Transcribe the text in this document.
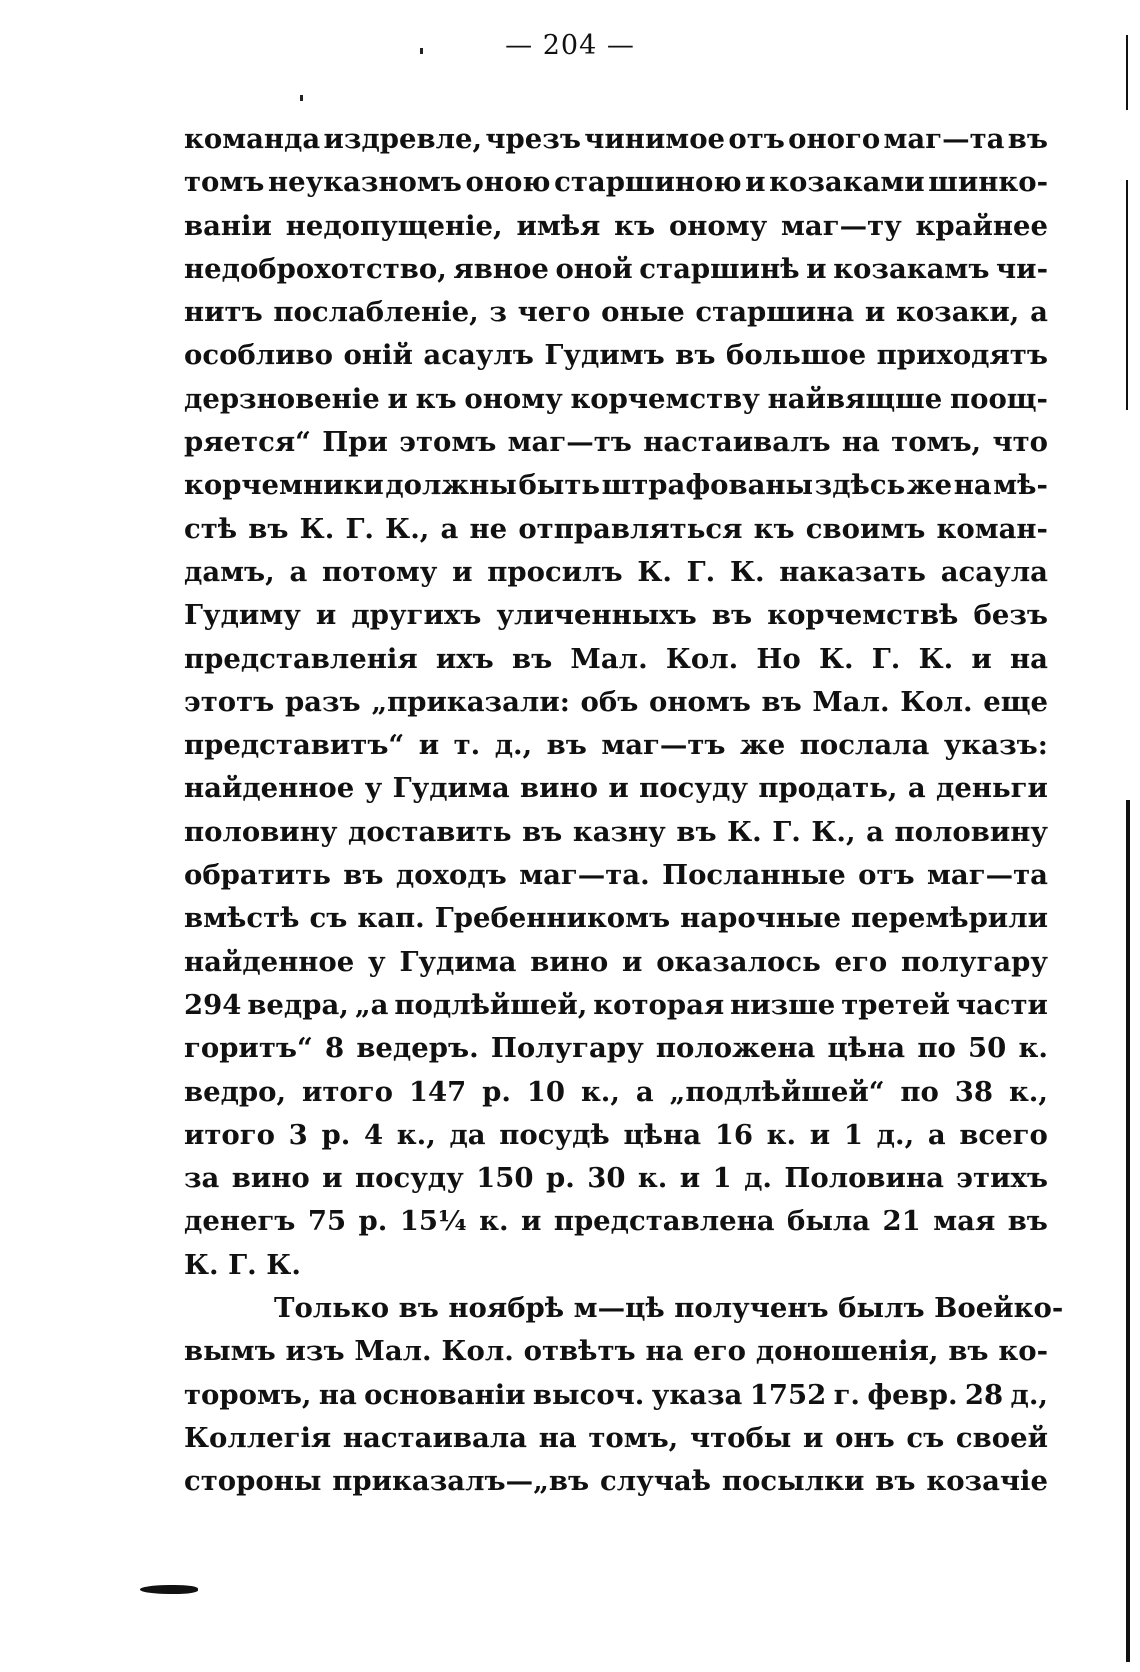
— 204 —
команда издревле, чрезъ чинимое отъ оного маг—та въ
томъ неуказномъ оною старшиною и козаками шинко-
ваніи недопущеніе, имѣя къ оному маг—ту крайнее
недоброхотство, явное оной старшинѣ и козакамъ чи-
нитъ послабленіе, з чего оные старшина и козаки, а
особливо оній асаулъ Гудимъ въ большое приходятъ
дерзновеніе и къ оному корчемству найвящше поощ-
ряется“ При этомъ маг—тъ настаивалъ на томъ, что
корчемники должны быть штрафованы здѣсь же на мѣ-
стѣ въ К. Г. К., а не отправляться къ своимъ коман-
дамъ, а потому и просилъ К. Г. К. наказать асаула
Гудиму и другихъ уличенныхъ въ корчемствѣ безъ
представленія ихъ въ Мал. Кол. Но К. Г. К. и на
этотъ разъ „приказали: объ ономъ въ Мал. Кол. еще
представитъ“ и т. д., въ маг—тъ же послала указъ:
найденное у Гудима вино и посуду продать, а деньги
половину доставить въ казну въ К. Г. К., а половину
обратить въ доходъ маг—та. Посланные отъ маг—та
вмѣстѣ съ кап. Гребенникомъ нарочные перемѣрили
найденное у Гудима вино и оказалось его полугару
294 ведра, „а подлѣйшей, которая низше третей части
горитъ“ 8 ведеръ. Полугару положена цѣна по 50 к.
ведро, итого 147 р. 10 к., а „подлѣйшей“ по 38 к.,
итого 3 р. 4 к., да посудѣ цѣна 16 к. и 1 д., а всего
за вино и посуду 150 р. 30 к. и 1 д. Половина этихъ
денегъ 75 р. 15¼ к. и представлена была 21 мая въ
К. Г. К.
Только въ ноябрѣ м—цѣ полученъ былъ Воейко-
вымъ изъ Мал. Кол. отвѣтъ на его доношенія, въ ко-
торомъ, на основаніи высоч. указа 1752 г. февр. 28 д.,
Коллегія настаивала на томъ, чтобы и онъ съ своей
стороны приказалъ—„въ случаѣ посылки въ козачіе
